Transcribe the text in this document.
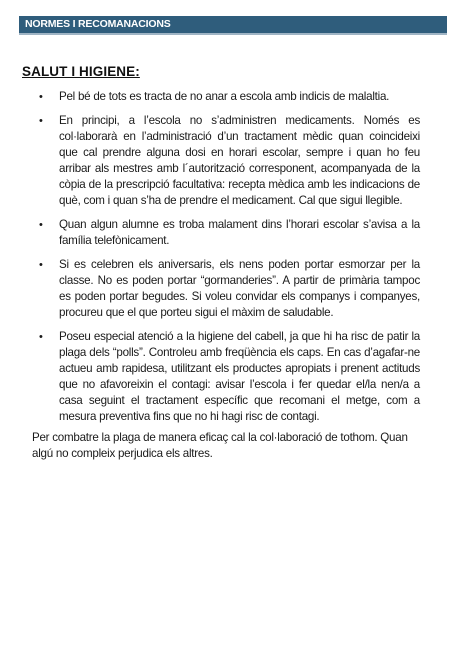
NORMES I RECOMANACIONS
SALUT I HIGIENE:
• Pel bé de tots es tracta de no anar a escola amb indicis de malaltia.
• En principi, a l’escola no s’administren medicaments. Només es col·laborarà en l’administració d’un tractament mèdic quan coincideixi que cal prendre alguna dosi en horari escolar, sempre i quan ho feu arribar als mestres amb l´autorització corresponent, acompanyada de la còpia de la prescripció facultativa: recepta mèdica amb les indicacions de què, com i quan s’ha de prendre el medicament. Cal que sigui llegible.
• Quan algun alumne es troba malament dins l’horari escolar s’avisa a la família telefònicament.
• Si es celebren els aniversaris, els nens poden portar esmorzar per la classe. No es poden portar “gormanderies”. A partir de primària tampoc es poden portar begudes. Si voleu convidar els companys i companyes, procureu que el que porteu sigui el màxim de saludable.
• Poseu especial atenció a la higiene del cabell, ja que hi ha risc de patir la plaga dels “polls”. Controleu amb freqüència els caps. En cas d’agafar-ne actueu amb rapidesa, utilitzant els productes apropiats i prenent actituds que no afavoreixin el contagi: avisar l’escola i fer quedar el/la nen/a a casa seguint el tractament específic que recomani el metge, com a mesura preventiva fins que no hi hagi risc de contagi.

Per combatre la plaga de manera eficaç cal la col·laboració de tothom. Quan algú no compleix perjudica els altres.
